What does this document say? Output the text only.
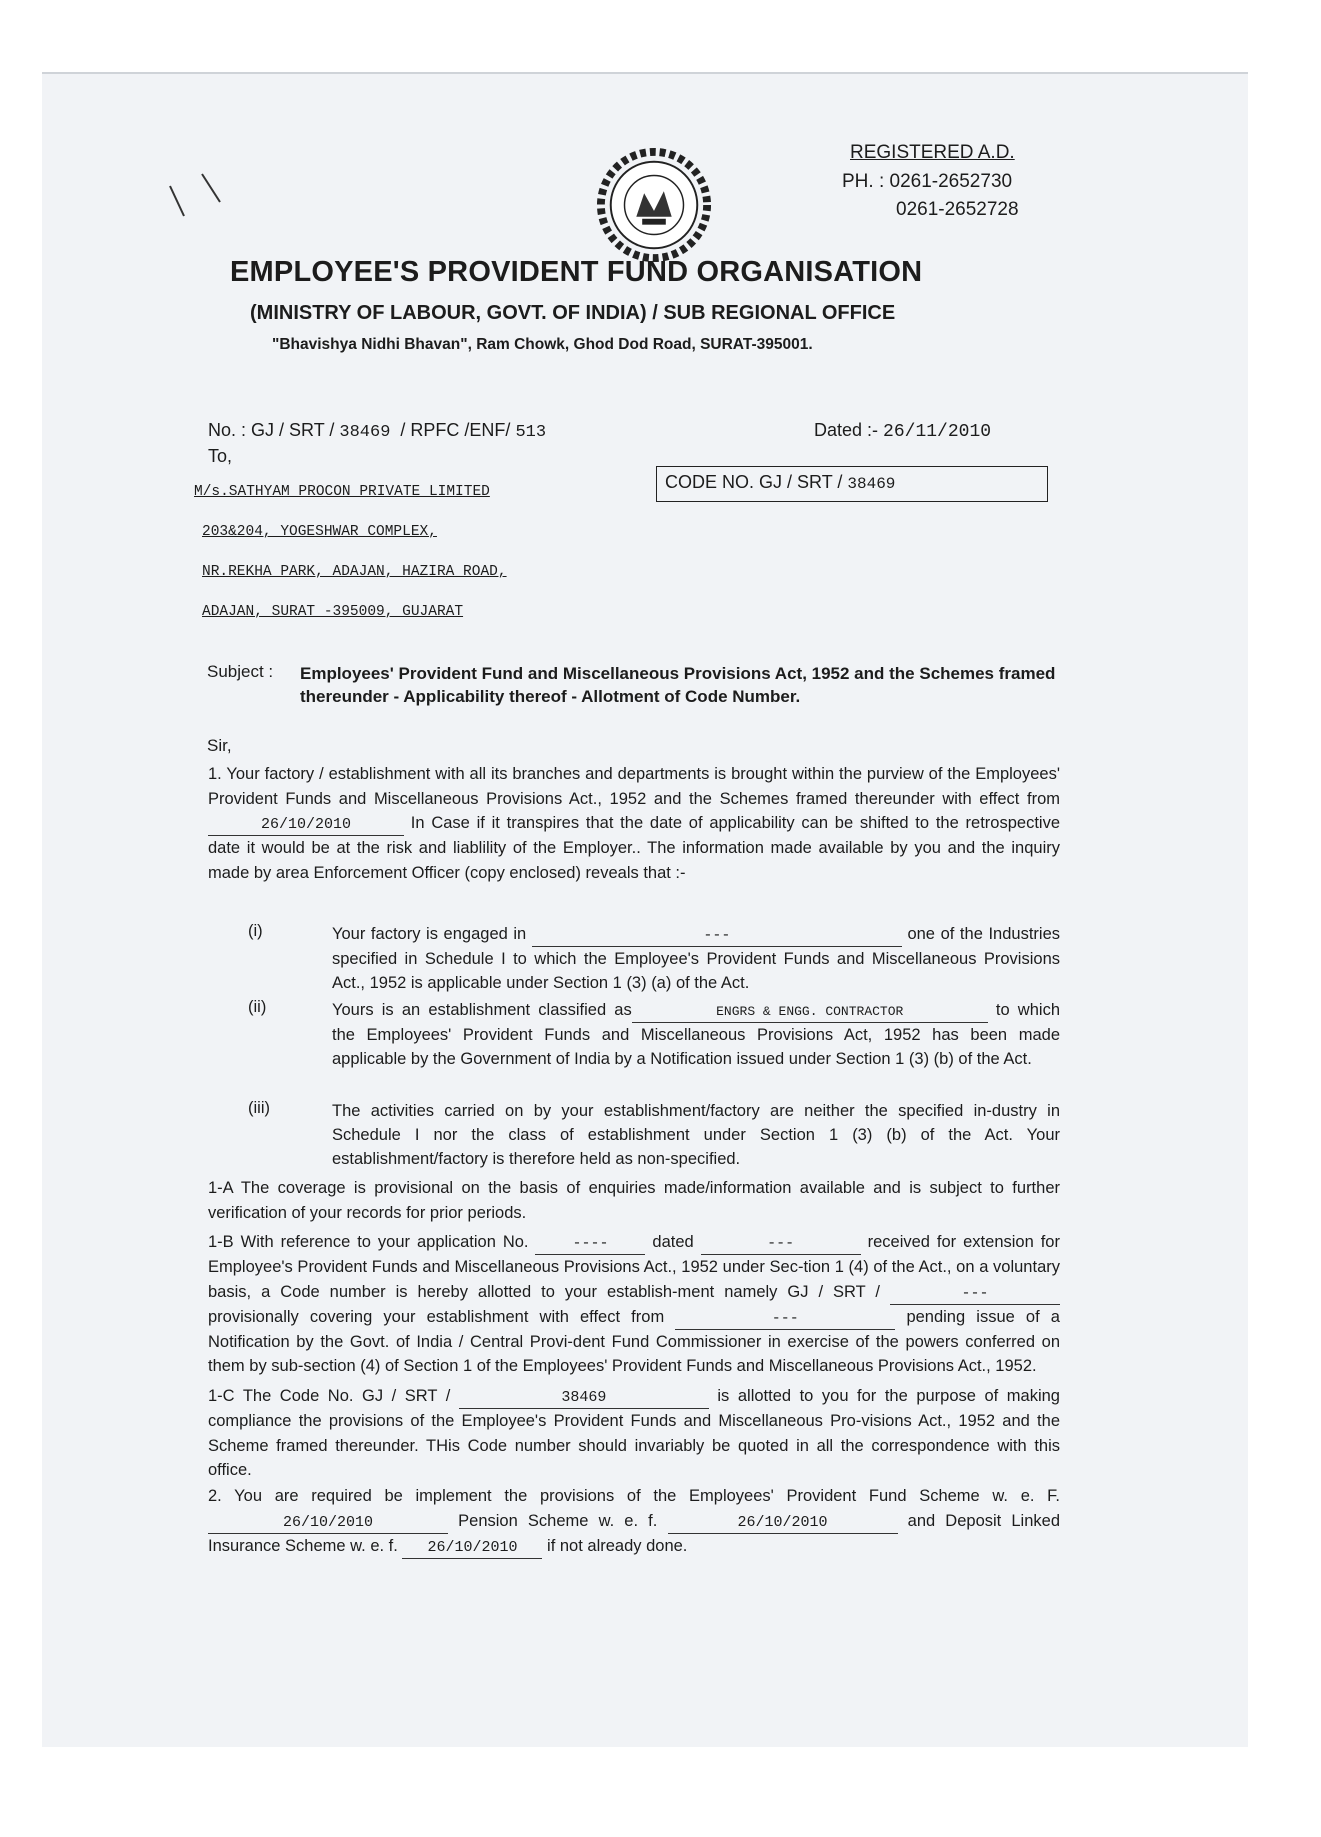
REGISTERED A.D.
PH. : 0261-2652730
0261-2652728
EMPLOYEE'S PROVIDENT FUND ORGANISATION
(MINISTRY OF LABOUR, GOVT. OF INDIA) / SUB REGIONAL OFFICE
"Bhavishya Nidhi Bhavan", Ram Chowk, Ghod Dod Road, SURAT-395001.
No. : GJ / SRT / 38469 / RPFC /ENF/ 513	Dated :- 26/11/2010
To,
CODE NO. GJ / SRT / 38469
M/s.SATHYAM PROCON PRIVATE LIMITED
203&204, YOGESHWAR COMPLEX,
NR.REKHA PARK, ADAJAN, HAZIRA ROAD,
ADAJAN, SURAT -395009, GUJARAT
Subject : Employees' Provident Fund and Miscellaneous Provisions Act, 1952 and the Schemes framed thereunder - Applicability thereof - Allotment of Code Number.
Sir,
1. Your factory / establishment with all its branches and departments is brought within the purview of the Employees' Provident Funds and Miscellaneous Provisions Act., 1952 and the Schemes framed thereunder with effect from 26/10/2010	In Case if it transpires that the date of applicability can be shifted to the retrospective date it would be at the risk and liablility of the Employer.. The information made available by you and the inquiry made by area Enforcement Officer (copy enclosed) reveals that :-
(i)	Your factory is engaged in	---	one of the Industries specified in Schedule I to which the Employee's Provident Funds and Miscellaneous Provisions Act., 1952 is applicable under Section 1 (3) (a) of the Act.
(ii)	Yours is an establishment classified as	ENGRS & ENGG. CONTRACTOR	to which the Employees' Provident Funds and Miscellaneous Provisions Act, 1952 has been made applicable by the Government of India by a Notification issued under Section 1 (3) (b) of the Act.
(iii)	The activities carried on by your establishment/factory are neither the specified in-dustry in Schedule I nor the class of establishment under Section 1 (3) (b) of the Act. Your establishment/factory is therefore held as non-specified.
1-A The coverage is provisional on the basis of enquiries made/information available and is subject to further verification of your records for prior periods.
1-B With reference to your application No.	----	dated	---	received for extension for Employee's Provident Funds and Miscellaneous Provisions Act., 1952 under Sec-tion 1 (4) of the Act., on a voluntary basis, a Code number is hereby allotted to your establish-ment namely GJ / SRT /	--- provisionally covering your establishment with effect from	---	pending issue of a Notification by the Govt. of India / Central Provi-dent Fund Commissioner in exercise of the powers conferred on them by sub-section (4) of Section 1 of the Employees' Provident Funds and Miscellaneous Provisions Act., 1952.
1-C The Code No. GJ / SRT /	38469	is allotted to you for the purpose of making compliance the provisions of the Employee's Provident Funds and Miscellaneous Pro-visions Act., 1952 and the Scheme framed thereunder. THis Code number should invariably be quoted in all the correspondence with this office.
2. You are required be implement the provisions of the Employees' Provident Fund Scheme w. e. F. 26/10/2010	Pension Scheme w. e. f.	26/10/2010	and Deposit Linked Insurance Scheme w. e. f. 26/10/2010 if not already done.
